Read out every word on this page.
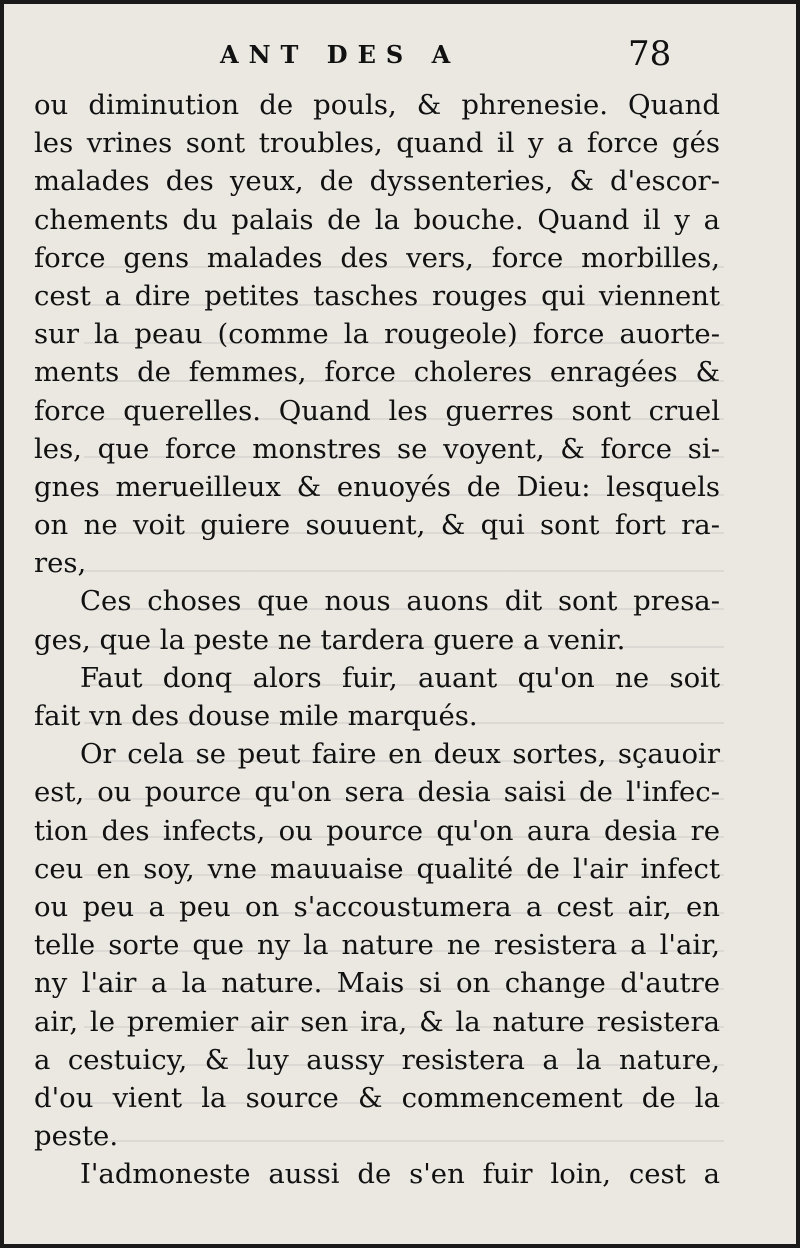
ANT DES A	78
ou diminution de pouls, & phrenesie. Quand
les vrines sont troubles, quand il y a force gés
malades des yeux, de dyssenteries, & d'escor-
chements du palais de la bouche. Quand il y a
force gens malades des vers, force morbilles,
cest a dire petites tasches rouges qui viennent
sur la peau (comme la rougeole) force auorte-
ments de femmes, force choleres enragées &
force querelles. Quand les guerres sont cruel
les, que force monstres se voyent, & force si-
gnes merueilleux & enuoyés de Dieu: lesquels
on ne voit guiere souuent, & qui sont fort ra-
res,
Ces choses que nous auons dit sont presa-
ges, que la peste ne tardera guere a venir.
Faut donq alors fuir, auant qu'on ne soit
fait vn des douse mile marqués.
Or cela se peut faire en deux sortes, sçauoir
est, ou pource qu'on sera desia saisi de l'infec-
tion des infects, ou pource qu'on aura desia re
ceu en soy, vne mauuaise qualité de l'air infect
ou peu a peu on s'accoustumera a cest air, en
telle sorte que ny la nature ne resistera a l'air,
ny l'air a la nature. Mais si on change d'autre
air, le premier air sen ira, & la nature resistera
a cestuicy, & luy aussy resistera a la nature,
d'ou vient la source & commencement de la
peste.
I'admoneste aussi de s'en fuir loin, cest a
